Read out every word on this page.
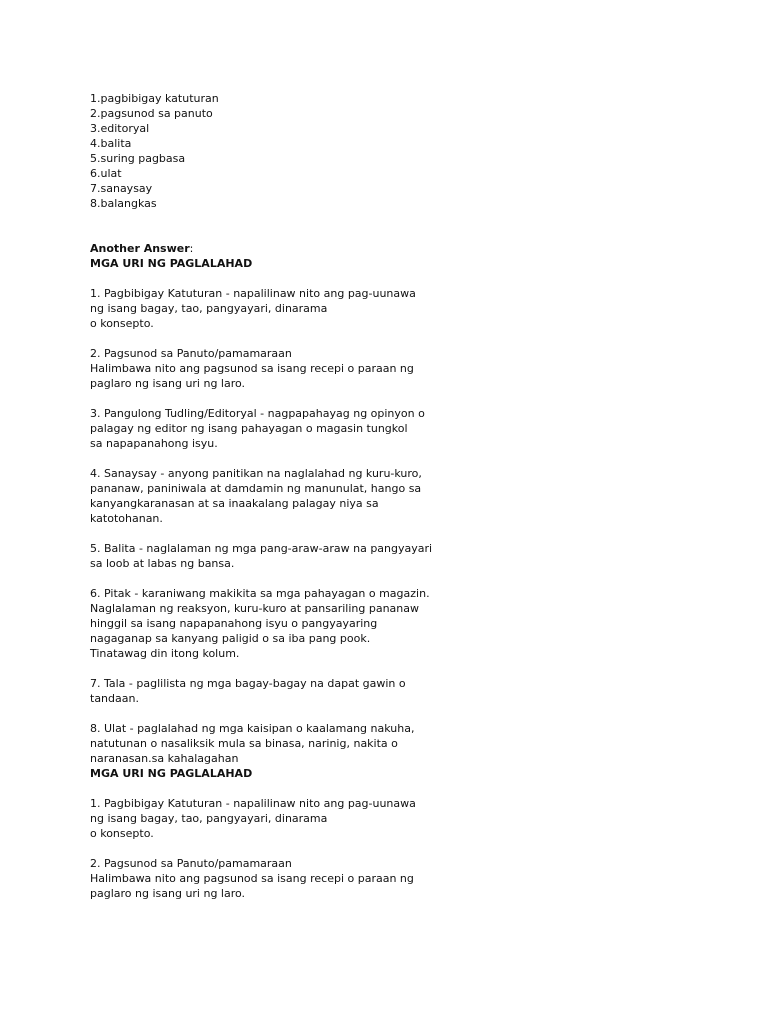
1.pagbibigay katuturan
2.pagsunod sa panuto
3.editoryal
4.balita
5.suring pagbasa
6.ulat
7.sanaysay
8.balangkas
Another Answer:
MGA URI NG PAGLALAHAD
1. Pagbibigay Katuturan - napalilinaw nito ang pag-uunawa
ng isang bagay, tao, pangyayari, dinarama
o konsepto.
2. Pagsunod sa Panuto/pamamaraan
Halimbawa nito ang pagsunod sa isang recepi o paraan ng
paglaro ng isang uri ng laro.
3. Pangulong Tudling/Editoryal - nagpapahayag ng opinyon o
palagay ng editor ng isang pahayagan o magasin tungkol
sa napapanahong isyu.
4. Sanaysay - anyong panitikan na naglalahad ng kuru-kuro,
pananaw, paniniwala at damdamin ng manunulat, hango sa
kanyangkaranasan at sa inaakalang palagay niya sa
katotohanan.
5. Balita - naglalaman ng mga pang-araw-araw na pangyayari
sa loob at labas ng bansa.
6. Pitak - karaniwang makikita sa mga pahayagan o magazin.
Naglalaman ng reaksyon, kuru-kuro at pansariling pananaw
hinggil sa isang napapanahong isyu o pangyayaring
nagaganap sa kanyang paligid o sa iba pang pook.
Tinatawag din itong kolum.
7. Tala - paglilista ng mga bagay-bagay na dapat gawin o
tandaan.
8. Ulat - paglalahad ng mga kaisipan o kaalamang nakuha,
natutunan o nasaliksik mula sa binasa, narinig, nakita o
naranasan.sa kahalagahan
MGA URI NG PAGLALAHAD
1. Pagbibigay Katuturan - napalilinaw nito ang pag-uunawa
ng isang bagay, tao, pangyayari, dinarama
o konsepto.
2. Pagsunod sa Panuto/pamamaraan
Halimbawa nito ang pagsunod sa isang recepi o paraan ng
paglaro ng isang uri ng laro.
